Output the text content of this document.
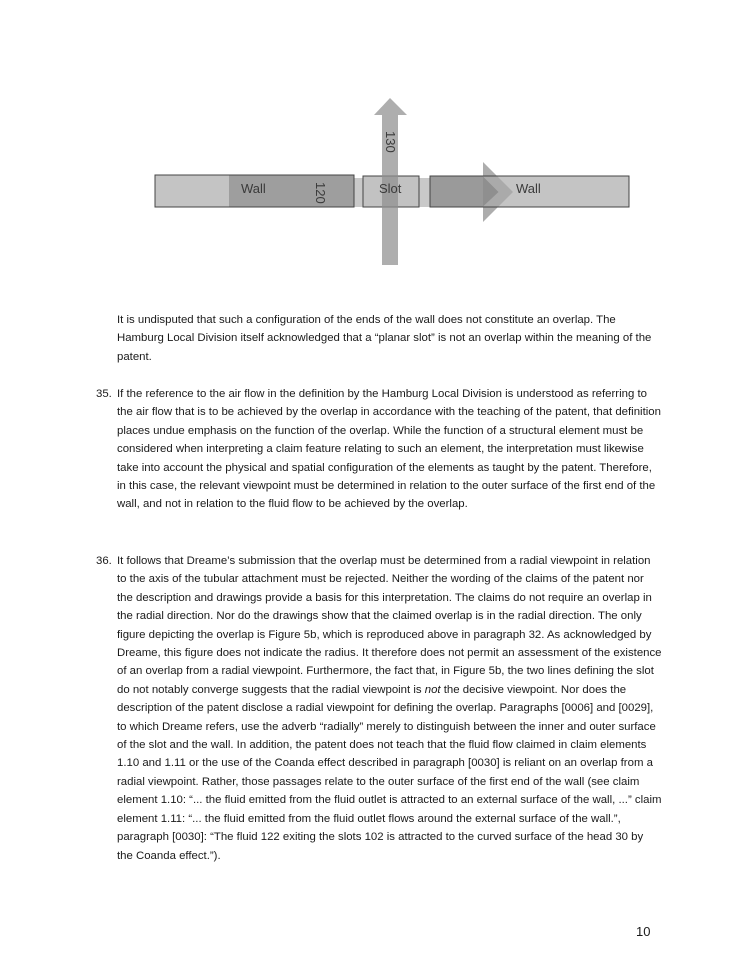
Wall	120	Wall
130
Slot

It is undisputed that such a configuration of the ends of the wall does not constitute an overlap. The Hamburg Local Division itself acknowledged that a “planar slot” is not an overlap within the meaning of the patent.

35. If the reference to the air flow in the definition by the Hamburg Local Division is understood as referring to the air flow that is to be achieved by the overlap in accordance with the teaching of the patent, that definition places undue emphasis on the function of the overlap. While the function of a structural element must be considered when interpreting a claim feature relating to such an element, the interpretation must likewise take into account the physical and spatial configuration of the elements as taught by the patent. Therefore, in this case, the relevant viewpoint must be determined in relation to the outer surface of the first end of the wall, and not in relation to the fluid flow to be achieved by the overlap.

36. It follows that Dreame’s submission that the overlap must be determined from a radial viewpoint in relation to the axis of the tubular attachment must be rejected. Neither the wording of the claims of the patent nor the description and drawings provide a basis for this interpretation. The claims do not require an overlap in the radial direction. Nor do the drawings show that the claimed overlap is in the radial direction. The only figure depicting the overlap is Figure 5b, which is reproduced above in paragraph 32. As acknowledged by Dreame, this figure does not indicate the radius. It therefore does not permit an assessment of the existence of an overlap from a radial viewpoint. Furthermore, the fact that, in Figure 5b, the two lines defining the slot do not notably converge suggests that the radial viewpoint is not the decisive viewpoint. Nor does the description of the patent disclose a radial viewpoint for defining the overlap. Paragraphs [0006] and [0029], to which Dreame refers, use the adverb “radially” merely to distinguish between the inner and outer surface of the slot and the wall. In addition, the patent does not teach that the fluid flow claimed in claim elements 1.10 and 1.11 or the use of the Coanda effect described in paragraph [0030] is reliant on an overlap from a radial viewpoint. Rather, those passages relate to the outer surface of the first end of the wall (see claim element 1.10: “... the fluid emitted from the fluid outlet is attracted to an external surface of the wall, ...” claim element 1.11: “... the fluid emitted from the fluid outlet flows around the external surface of the wall.”, paragraph [0030]: “The fluid 122 exiting the slots 102 is attracted to the curved surface of the head 30 by the Coanda effect.”).

10
